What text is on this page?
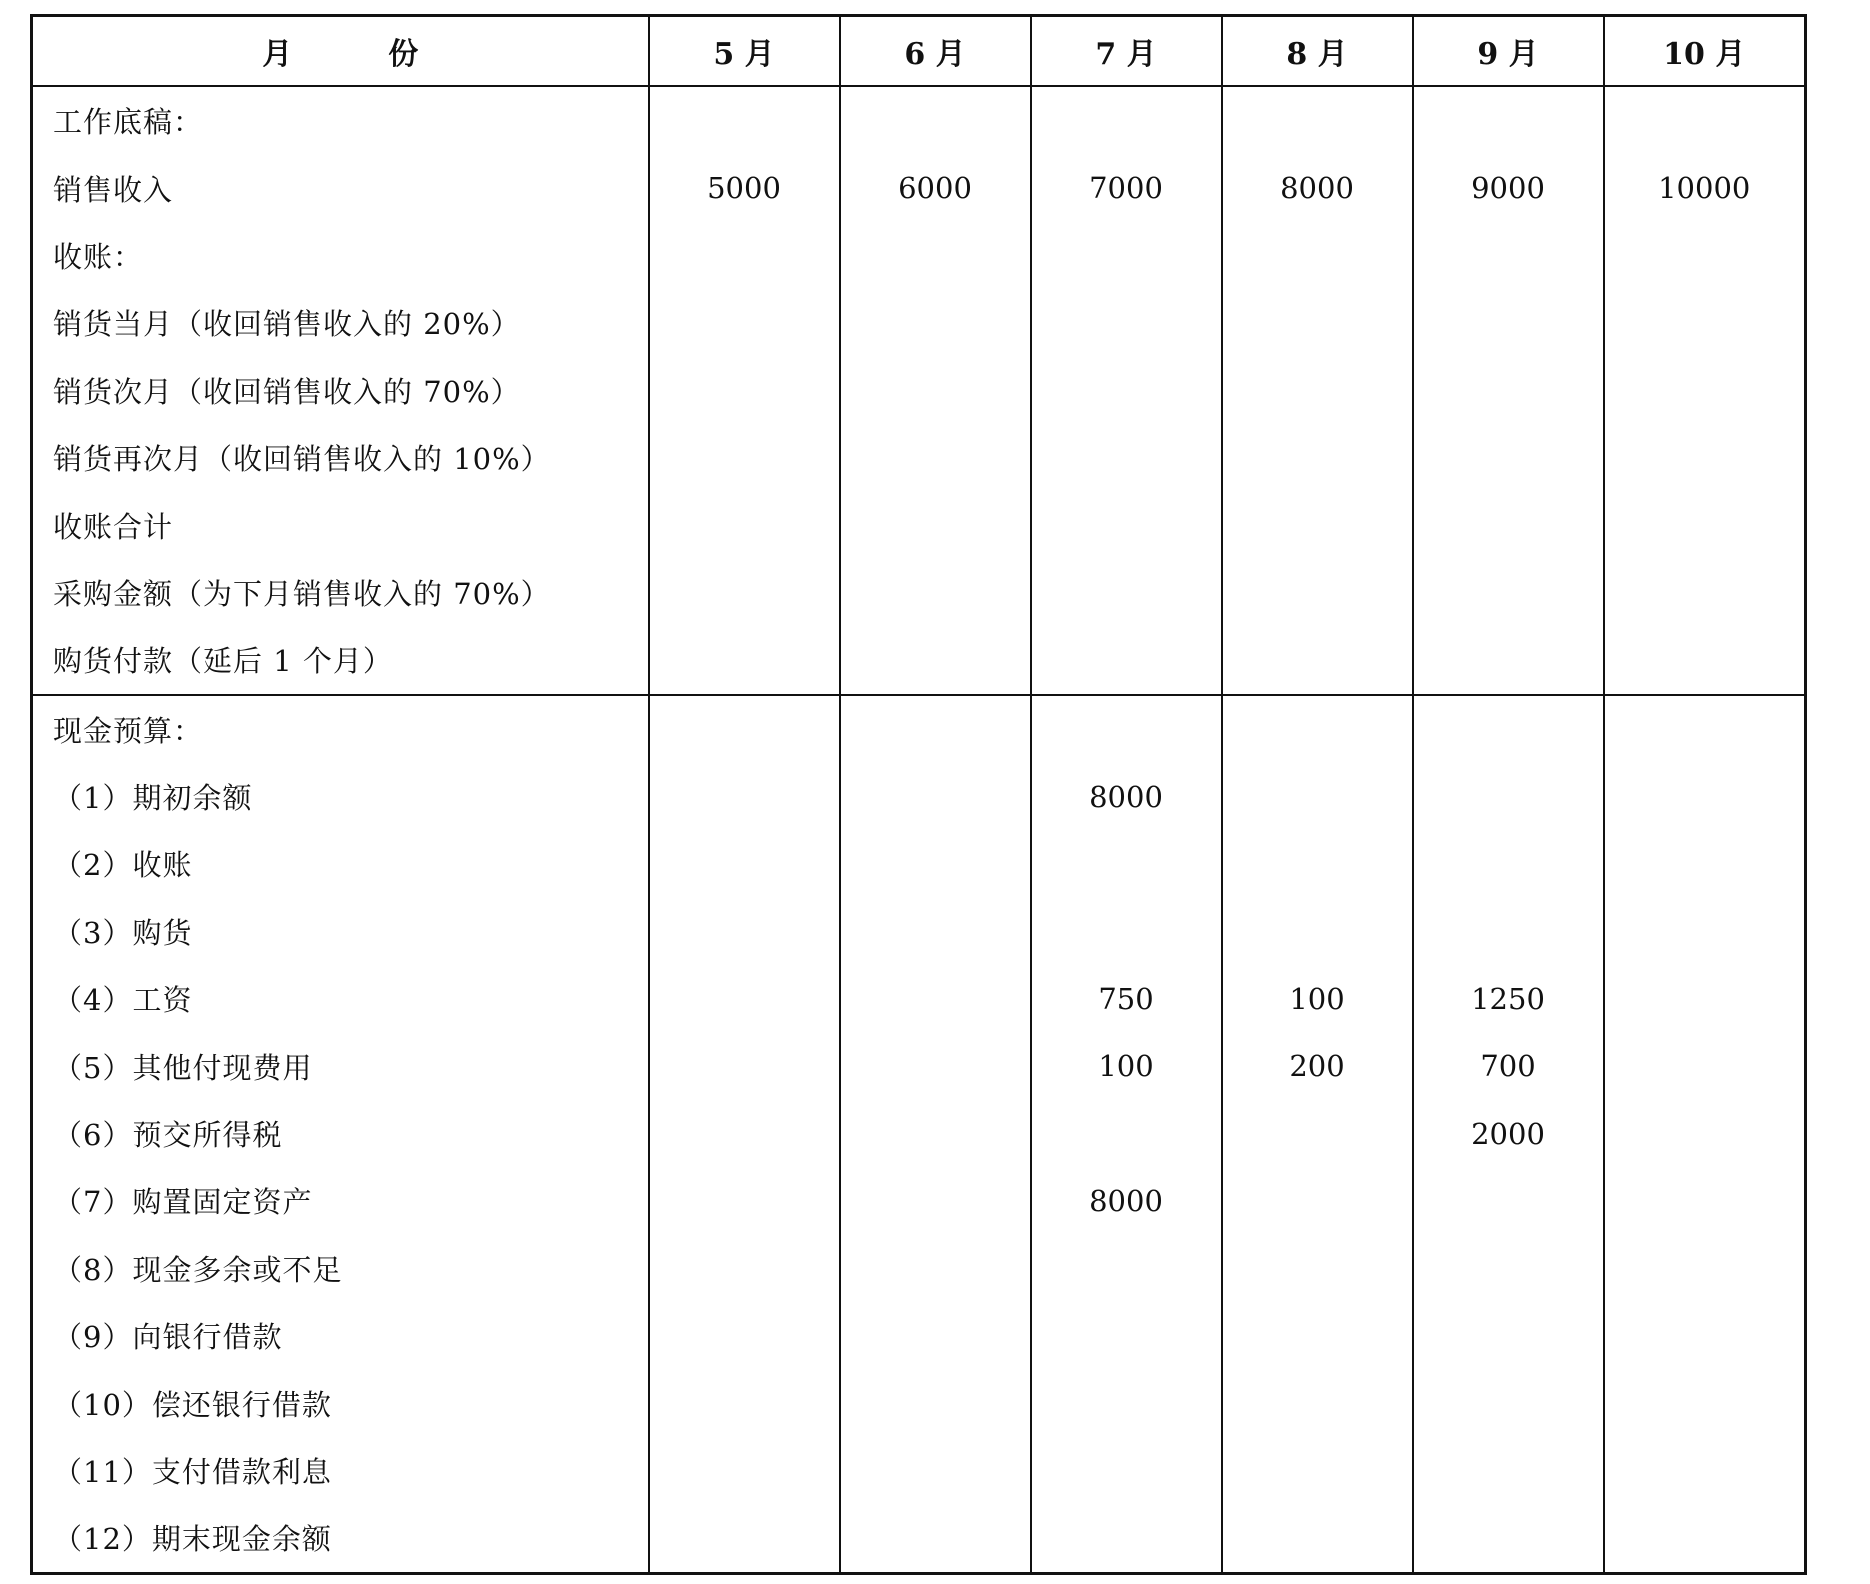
月 份	5 月	6 月	7 月	8 月	9 月	10 月
工作底稿：						
销售收入	5000	6000	7000	8000	9000	10000
收账：						
销货当月（收回销售收入的 20%）						
销货次月（收回销售收入的 70%）						
销货再次月（收回销售收入的 10%）						
收账合计						
采购金额（为下月销售收入的 70%）						
购货付款（延后 1 个月）						
现金预算：						
（1）期初余额			8000			
（2）收账						
（3）购货						
（4）工资			750	100	1250	
（5）其他付现费用			100	200	700	
（6）预交所得税					2000	
（7）购置固定资产			8000			
（8）现金多余或不足						
（9）向银行借款						
（10）偿还银行借款						
（11）支付借款利息						
（12）期末现金余额						
